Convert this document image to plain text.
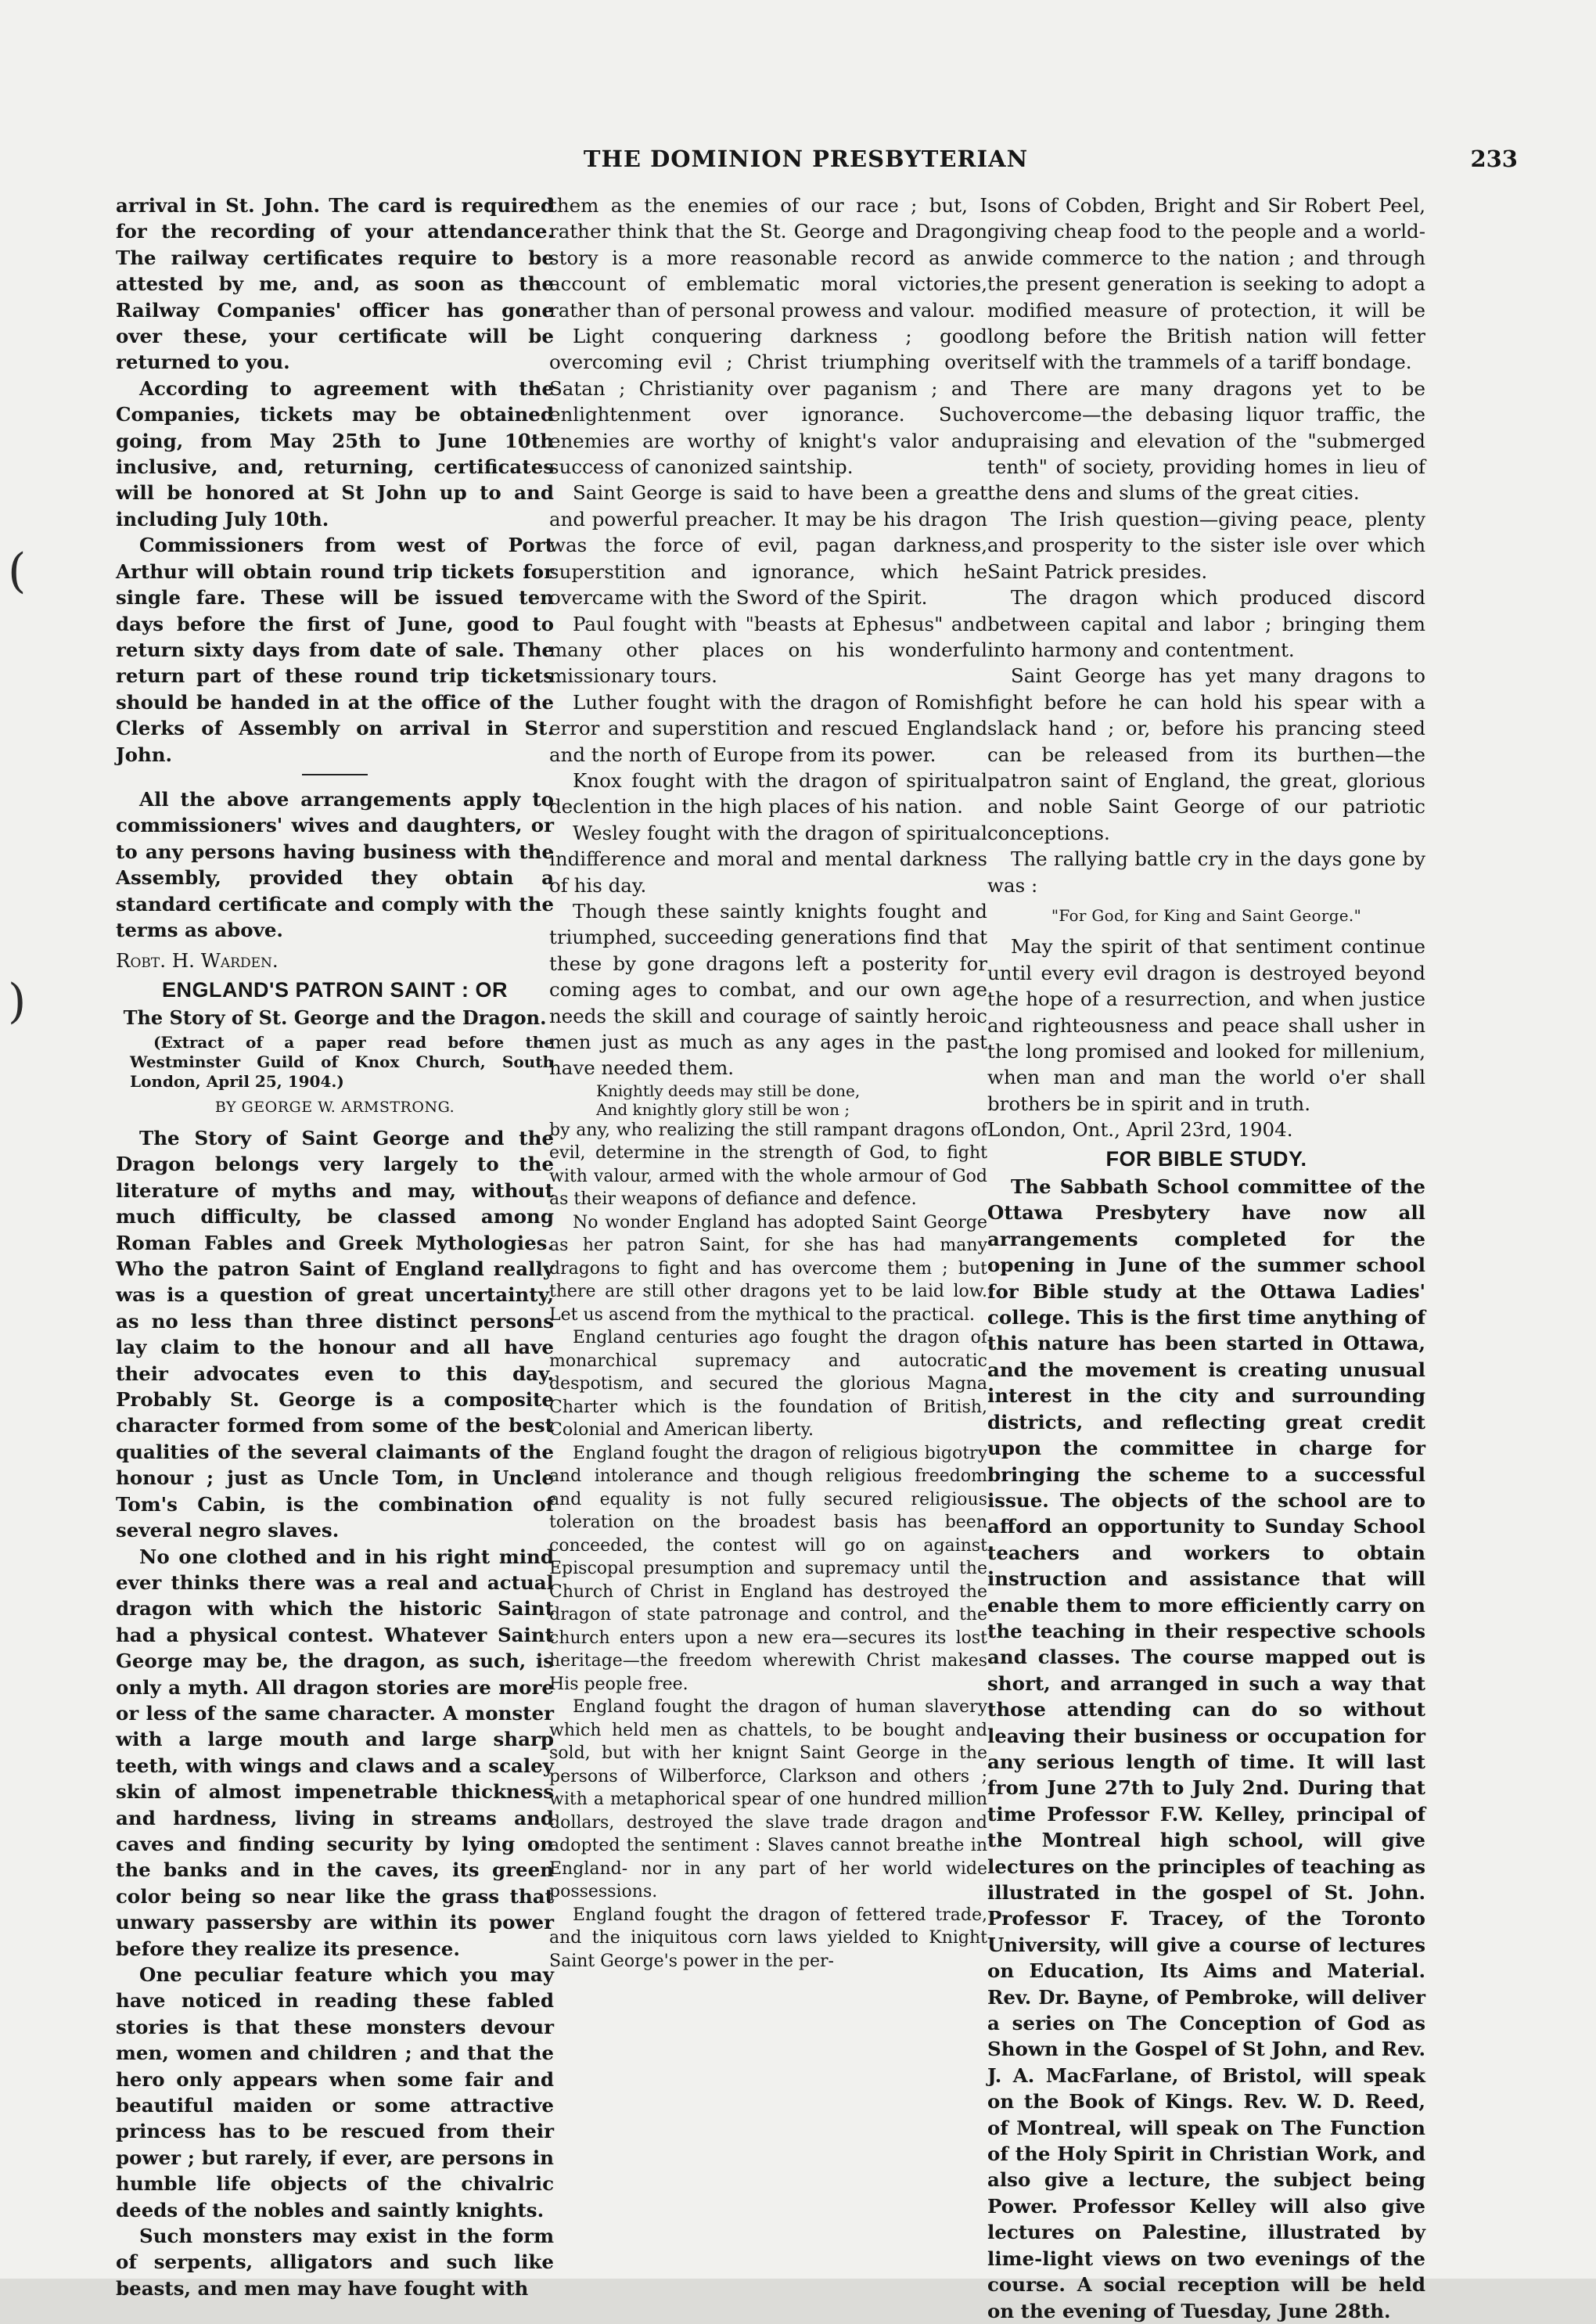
(
)
THE DOMINION PRESBYTERIAN	233

arrival in St. John. The card is required for the recording of your attendance. The railway certificates require to be attested by me, and, as soon as the Railway Companies' officer has gone over these, your certificate will be returned to you.

According to agreement with the Companies, tickets may be obtained going, from May 25th to June 10th inclusive, and, returning, certificates will be honored at St John up to and including July 10th.

Commissioners from west of Port Arthur will obtain round trip tickets for single fare. These will be issued ten days before the first of June, good to return sixty days from date of sale. The return part of these round trip tickets should be handed in at the office of the Clerks of Assembly on arrival in St. John.

All the above arrangements apply to commissioners' wives and daughters, or to any persons having business with the Assembly, provided they obtain a standard certificate and comply with the terms as above.

Robt. H. Warden.

ENGLAND'S PATRON SAINT : OR
The Story of St. George and the Dragon.

(Extract of a paper read before the Westminster Guild of Knox Church, South London, April 25, 1904.)

BY GEORGE W. ARMSTRONG.

The Story of Saint George and the Dragon belongs very largely to the literature of myths and may, without much difficulty, be classed among Roman Fables and Greek Mythologies. Who the patron Saint of England really was is a question of great uncertainty, as no less than three distinct persons lay claim to the honour and all have their advocates even to this day. Probably St. George is a composite character formed from some of the best qualities of the several claimants of the honour ; just as Uncle Tom, in Uncle Tom's Cabin, is the combination of several negro slaves.

No one clothed and in his right mind ever thinks there was a real and actual dragon with which the historic Saint had a physical contest. Whatever Saint George may be, the dragon, as such, is only a myth. All dragon stories are more or less of the same character. A monster with a large mouth and large sharp teeth, with wings and claws and a scaley skin of almost impenetrable thickness and hardness, living in streams and caves and finding security by lying on the banks and in the caves, its green color being so near like the grass that unwary passersby are within its power before they realize its presence.

One peculiar feature which you may have noticed in reading these fabled stories is that these monsters devour men, women and children ; and that the hero only appears when some fair and beautiful maiden or some attractive princess has to be rescued from their power ; but rarely, if ever, are persons in humble life objects of the chivalric deeds of the nobles and saintly knights.

Such monsters may exist in the form of serpents, alligators and such like beasts, and men may have fought with

them as the enemies of our race ; but, I rather think that the St. George and Dragon story is a more reasonable record as an account of emblematic moral victories, rather than of personal prowess and valour.

Light conquering darkness ; good overcoming evil ; Christ triumphing over Satan ; Christianity over paganism ; and enlightenment over ignorance. Such enemies are worthy of knight's valor and success of canonized saintship.

Saint George is said to have been a great and powerful preacher. It may be his dragon was the force of evil, pagan darkness, superstition and ignorance, which he overcame with the Sword of the Spirit.

Paul fought with "beasts at Ephesus" and many other places on his wonderful missionary tours.

Luther fought with the dragon of Romish error and superstition and rescued England and the north of Europe from its power.

Knox fought with the dragon of spiritual declention in the high places of his nation.

Wesley fought with the dragon of spiritual indifference and moral and mental darkness of his day.

Though these saintly knights fought and triumphed, succeeding generations find that these by gone dragons left a posterity for coming ages to combat, and our own age needs the skill and courage of saintly heroic men just as much as any ages in the past have needed them.

Knightly deeds may still be done,
And knightly glory still be won ;

by any, who realizing the still rampant dragons of evil, determine in the strength of God, to fight with valour, armed with the whole armour of God as their weapons of defiance and defence.

No wonder England has adopted Saint George as her patron Saint, for she has had many dragons to fight and has overcome them ; but there are still other dragons yet to be laid low. Let us ascend from the mythical to the practical.

England centuries ago fought the dragon of monarchical supremacy and autocratic despotism, and secured the glorious Magna Charter which is the foundation of British, Colonial and American liberty.

England fought the dragon of religious bigotry and intolerance and though religious freedom and equality is not fully secured religious toleration on the broadest basis has been conceeded, the contest will go on against Episcopal presumption and supremacy until the Church of Christ in England has destroyed the dragon of state patronage and control, and the church enters upon a new era—secures its lost heritage—the freedom wherewith Christ makes His people free.

England fought the dragon of human slavery which held men as chattels, to be bought and sold, but with her knignt Saint George in the persons of Wilberforce, Clarkson and others ; with a metaphorical spear of one hundred million dollars, destroyed the slave trade dragon and adopted the sentiment : Slaves cannot breathe in England- nor in any part of her world wide possessions.

England fought the dragon of fettered trade, and the iniquitous corn laws yielded to Knight Saint George's power in the per-

sons of Cobden, Bright and Sir Robert Peel, giving cheap food to the people and a world-wide commerce to the nation ; and through the present generation is seeking to adopt a modified measure of protection, it will be long before the British nation will fetter itself with the trammels of a tariff bondage.

There are many dragons yet to be overcome—the debasing liquor traffic, the upraising and elevation of the "submerged tenth" of society, providing homes in lieu of the dens and slums of the great cities.

The Irish question—giving peace, plenty and prosperity to the sister isle over which Saint Patrick presides.

The dragon which produced discord between capital and labor ; bringing them into harmony and contentment.

Saint George has yet many dragons to fight before he can hold his spear with a slack hand ; or, before his prancing steed can be released from its burthen—the patron saint of England, the great, glorious and noble Saint George of our patriotic conceptions.

The rallying battle cry in the days gone by was :

"For God, for King and Saint George."

May the spirit of that sentiment continue until every evil dragon is destroyed beyond the hope of a resurrection, and when justice and righteousness and peace shall usher in the long promised and looked for millenium, when man and man the world o'er shall brothers be in spirit and in truth.

London, Ont., April 23rd, 1904.

FOR BIBLE STUDY.

The Sabbath School committee of the Ottawa Presbytery have now all arrangements completed for the opening in June of the summer school for Bible study at the Ottawa Ladies' college. This is the first time anything of this nature has been started in Ottawa, and the movement is creating unusual interest in the city and surrounding districts, and reflecting great credit upon the committee in charge for bringing the scheme to a successful issue. The objects of the school are to afford an opportunity to Sunday School teachers and workers to obtain instruction and assistance that will enable them to more efficiently carry on the teaching in their respective schools and classes. The course mapped out is short, and arranged in such a way that those attending can do so without leaving their business or occupation for any serious length of time. It will last from June 27th to July 2nd. During that time Professor F.W. Kelley, principal of the Montreal high school, will give lectures on the principles of teaching as illustrated in the gospel of St. John. Professor F. Tracey, of the Toronto University, will give a course of lectures on Education, Its Aims and Material. Rev. Dr. Bayne, of Pembroke, will deliver a series on The Conception of God as Shown in the Gospel of St John, and Rev. J. A. MacFarlane, of Bristol, will speak on the Book of Kings. Rev. W. D. Reed, of Montreal, will speak on The Function of the Holy Spirit in Christian Work, and also give a lecture, the subject being Power. Professor Kelley will also give lectures on Palestine, illustrated by lime-light views on two evenings of the course. A social reception will be held on the evening of Tuesday, June 28th.
